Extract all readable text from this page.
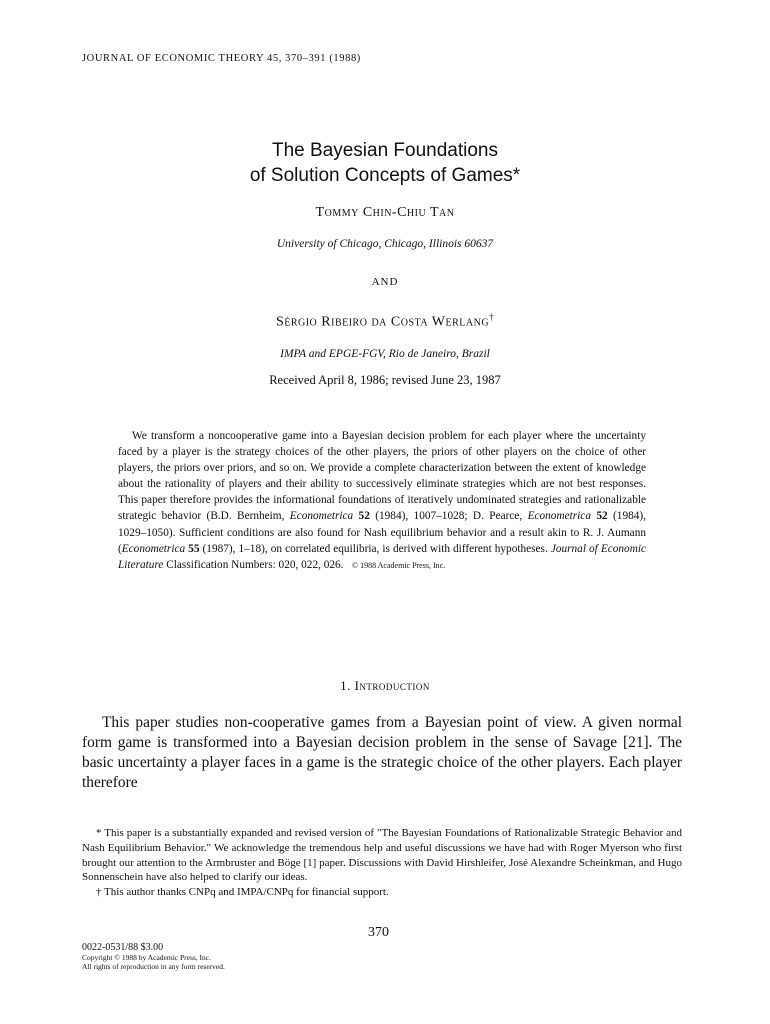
JOURNAL OF ECONOMIC THEORY 45, 370–391 (1988)
The Bayesian Foundations
of Solution Concepts of Games*
Tommy Chin-Chiu Tan
University of Chicago, Chicago, Illinois 60637
AND
Sérgio Ribeiro da Costa Werlang†
IMPA and EPGE-FGV, Rio de Janeiro, Brazil
Received April 8, 1986; revised June 23, 1987

We transform a noncooperative game into a Bayesian decision problem for each player where the uncertainty faced by a player is the strategy choices of the other players, the priors of other players on the choice of other players, the priors over priors, and so on. We provide a complete characterization between the extent of knowledge about the rationality of players and their ability to successively eliminate strategies which are not best responses. This paper therefore provides the informational foundations of iteratively undominated strategies and rationalizable strategic behavior (B.D. Bernheim, Econometrica 52 (1984), 1007–1028; D. Pearce, Econometrica 52 (1984), 1029–1050). Sufficient conditions are also found for Nash equilibrium behavior and a result akin to R. J. Aumann (Econometrica 55 (1987), 1–18), on correlated equilibria, is derived with different hypotheses. Journal of Economic Literature Classification Numbers: 020, 022, 026. © 1988 Academic Press, Inc.

1. Introduction

This paper studies non-cooperative games from a Bayesian point of view. A given normal form game is transformed into a Bayesian decision problem in the sense of Savage [21]. The basic uncertainty a player faces in a game is the strategic choice of the other players. Each player therefore

* This paper is a substantially expanded and revised version of "The Bayesian Foundations of Rationalizable Strategic Behavior and Nash Equilibrium Behavior." We acknowledge the tremendous help and useful discussions we have had with Roger Myerson who first brought our attention to the Armbruster and Böge [1] paper. Discussions with David Hirshleifer, José Alexandre Scheinkman, and Hugo Sonnenschein have also helped to clarify our ideas.

† This author thanks CNPq and IMPA/CNPq for financial support.

370
0022-0531/88 $3.00
Copyright © 1988 by Academic Press, Inc.
All rights of reproduction in any form reserved.
